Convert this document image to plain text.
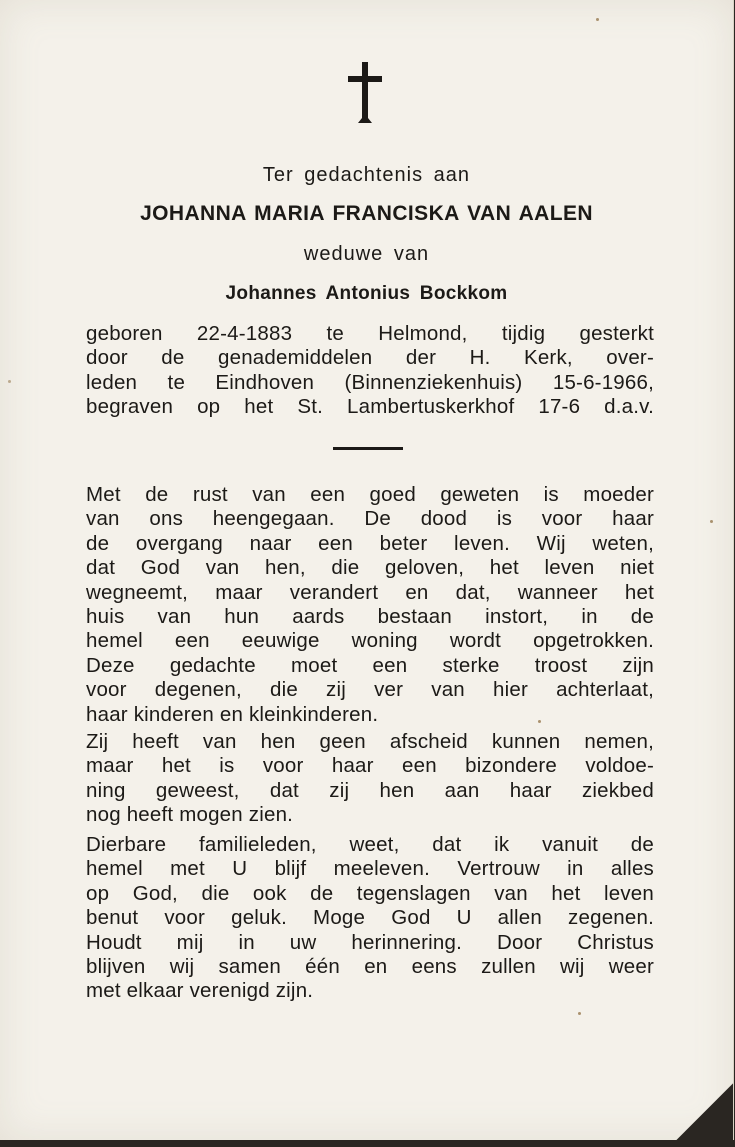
Ter gedachtenis aan
JOHANNA MARIA FRANCISKA VAN AALEN
weduwe van
Johannes Antonius Bockkom
geboren 22-4-1883 te Helmond, tijdig gesterkt
door de genademiddelen der H. Kerk, over-
leden te Eindhoven (Binnenziekenhuis) 15-6-1966,
begraven op het St. Lambertuskerkhof 17-6 d.a.v.
Met de rust van een goed geweten is moeder
van ons heengegaan. De dood is voor haar
de overgang naar een beter leven. Wij weten,
dat God van hen, die geloven, het leven niet
wegneemt, maar verandert en dat, wanneer het
huis van hun aards bestaan instort, in de
hemel een eeuwige woning wordt opgetrokken.
Deze gedachte moet een sterke troost zijn
voor degenen, die zij ver van hier achterlaat,
haar kinderen en kleinkinderen.
Zij heeft van hen geen afscheid kunnen nemen,
maar het is voor haar een bizondere voldoe-
ning geweest, dat zij hen aan haar ziekbed
nog heeft mogen zien.
Dierbare familieleden, weet, dat ik vanuit de
hemel met U blijf meeleven. Vertrouw in alles
op God, die ook de tegenslagen van het leven
benut voor geluk. Moge God U allen zegenen.
Houdt mij in uw herinnering. Door Christus
blijven wij samen één en eens zullen wij weer
met elkaar verenigd zijn.
